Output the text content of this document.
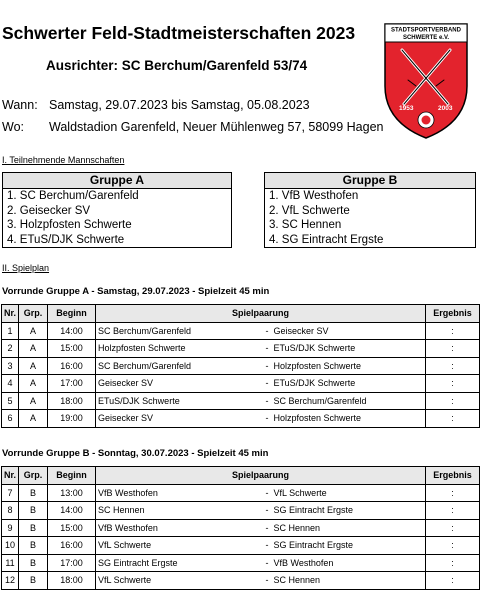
Schwerter Feld-Stadtmeisterschaften 2023
Ausrichter: SC Berchum/Garenfeld 53/74
Wann: Samstag, 29.07.2023 bis Samstag, 05.08.2023
Wo: Waldstadion Garenfeld, Neuer Mühlenweg 57, 58099 Hagen
STADTSPORTVERBAND
SCHWERTE e.V.
1953	2003
I. Teilnehmende Mannschaften
Gruppe A
1. SC Berchum/Garenfeld
2. Geisecker SV
3. Holzpfosten Schwerte
4. ETuS/DJK Schwerte
Gruppe B
1. VfB Westhofen
2. VfL Schwerte
3. SC Hennen
4. SG Eintracht Ergste
II. Spielplan
Vorrunde Gruppe A - Samstag, 29.07.2023 - Spielzeit 45 min
Nr.	Grp.	Beginn	Spielpaarung		Ergebnis
1	A	14:00	SC Berchum/Garenfeld	- Geisecker SV	:
2	A	15:00	Holzpfosten Schwerte	- ETuS/DJK Schwerte	:
3	A	16:00	SC Berchum/Garenfeld	- Holzpfosten Schwerte	:
4	A	17:00	Geisecker SV	- ETuS/DJK Schwerte	:
5	A	18:00	ETuS/DJK Schwerte	- SC Berchum/Garenfeld	:
6	A	19:00	Geisecker SV	- Holzpfosten Schwerte	:
Vorrunde Gruppe B - Sonntag, 30.07.2023 - Spielzeit 45 min
Nr.	Grp.	Beginn	Spielpaarung		Ergebnis
7	B	13:00	VfB Westhofen	- VfL Schwerte	:
8	B	14:00	SC Hennen	- SG Eintracht Ergste	:
9	B	15:00	VfB Westhofen	- SC Hennen	:
10	B	16:00	VfL Schwerte	- SG Eintracht Ergste	:
11	B	17:00	SG Eintracht Ergste	- VfB Westhofen	:
12	B	18:00	VfL Schwerte	- SC Hennen	:
